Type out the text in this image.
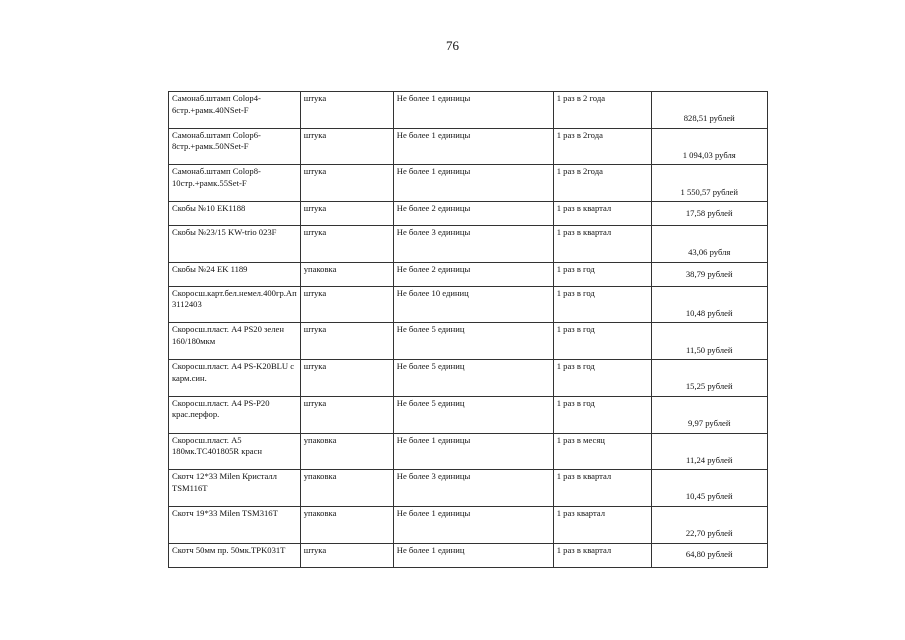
76
Самонаб.штамп Colop4-6стр.+рамк.40NSet-F	штука	Не более 1 единицы	1 раз в 2 года	828,51 рублей
Самонаб.штамп Colop6-8стр.+рамк.50NSet-F	штука	Не более 1 единицы	1 раз в 2года	1 094,03 рубля
Самонаб.штамп Colop8-10стр.+рамк.55Set-F	штука	Не более 1 единицы	1 раз в 2года	1 550,57 рублей
Скобы №10 EK1188	штука	Не более 2 единицы	1 раз в квартал	17,58 рублей
Скобы №23/15 KW-trio 023F	штука	Не более 3 единицы	1 раз в квартал	43,06 рубля
Скобы №24 EK 1189	упаковка	Не более 2 единицы	1 раз в год	38,79 рублей
Скоросш.карт.бел.немел.400гр.Ап 3112403	штука	Не более 10 единиц	1 раз в год	10,48 рублей
Скоросш.пласт. А4 PS20 зелен 160/180мкм	штука	Не более 5 единиц	1 раз в год	11,50 рублей
Скоросш.пласт. А4 PS-K20BLU с карм.син.	штука	Не более 5 единиц	1 раз в год	15,25 рублей
Скоросш.пласт. А4 PS-P20 крас.перфор.	штука	Не более 5 единиц	1 раз в год	9,97 рублей
Скоросш.пласт. А5 180мк.ТС401805R красн	упаковка	Не более 1 единицы	1 раз в месяц	11,24 рублей
Скотч 12*33 Milen Кристалл TSM116T	упаковка	Не более 3 единицы	1 раз в квартал	10,45 рублей
Скотч 19*33 Milen TSM316T	упаковка	Не более 1 единицы	1 раз квартал	22,70 рублей
Скотч 50мм пр. 50мк.TPK031T	штука	Не более 1 единиц	1 раз в квартал	64,80 рублей
